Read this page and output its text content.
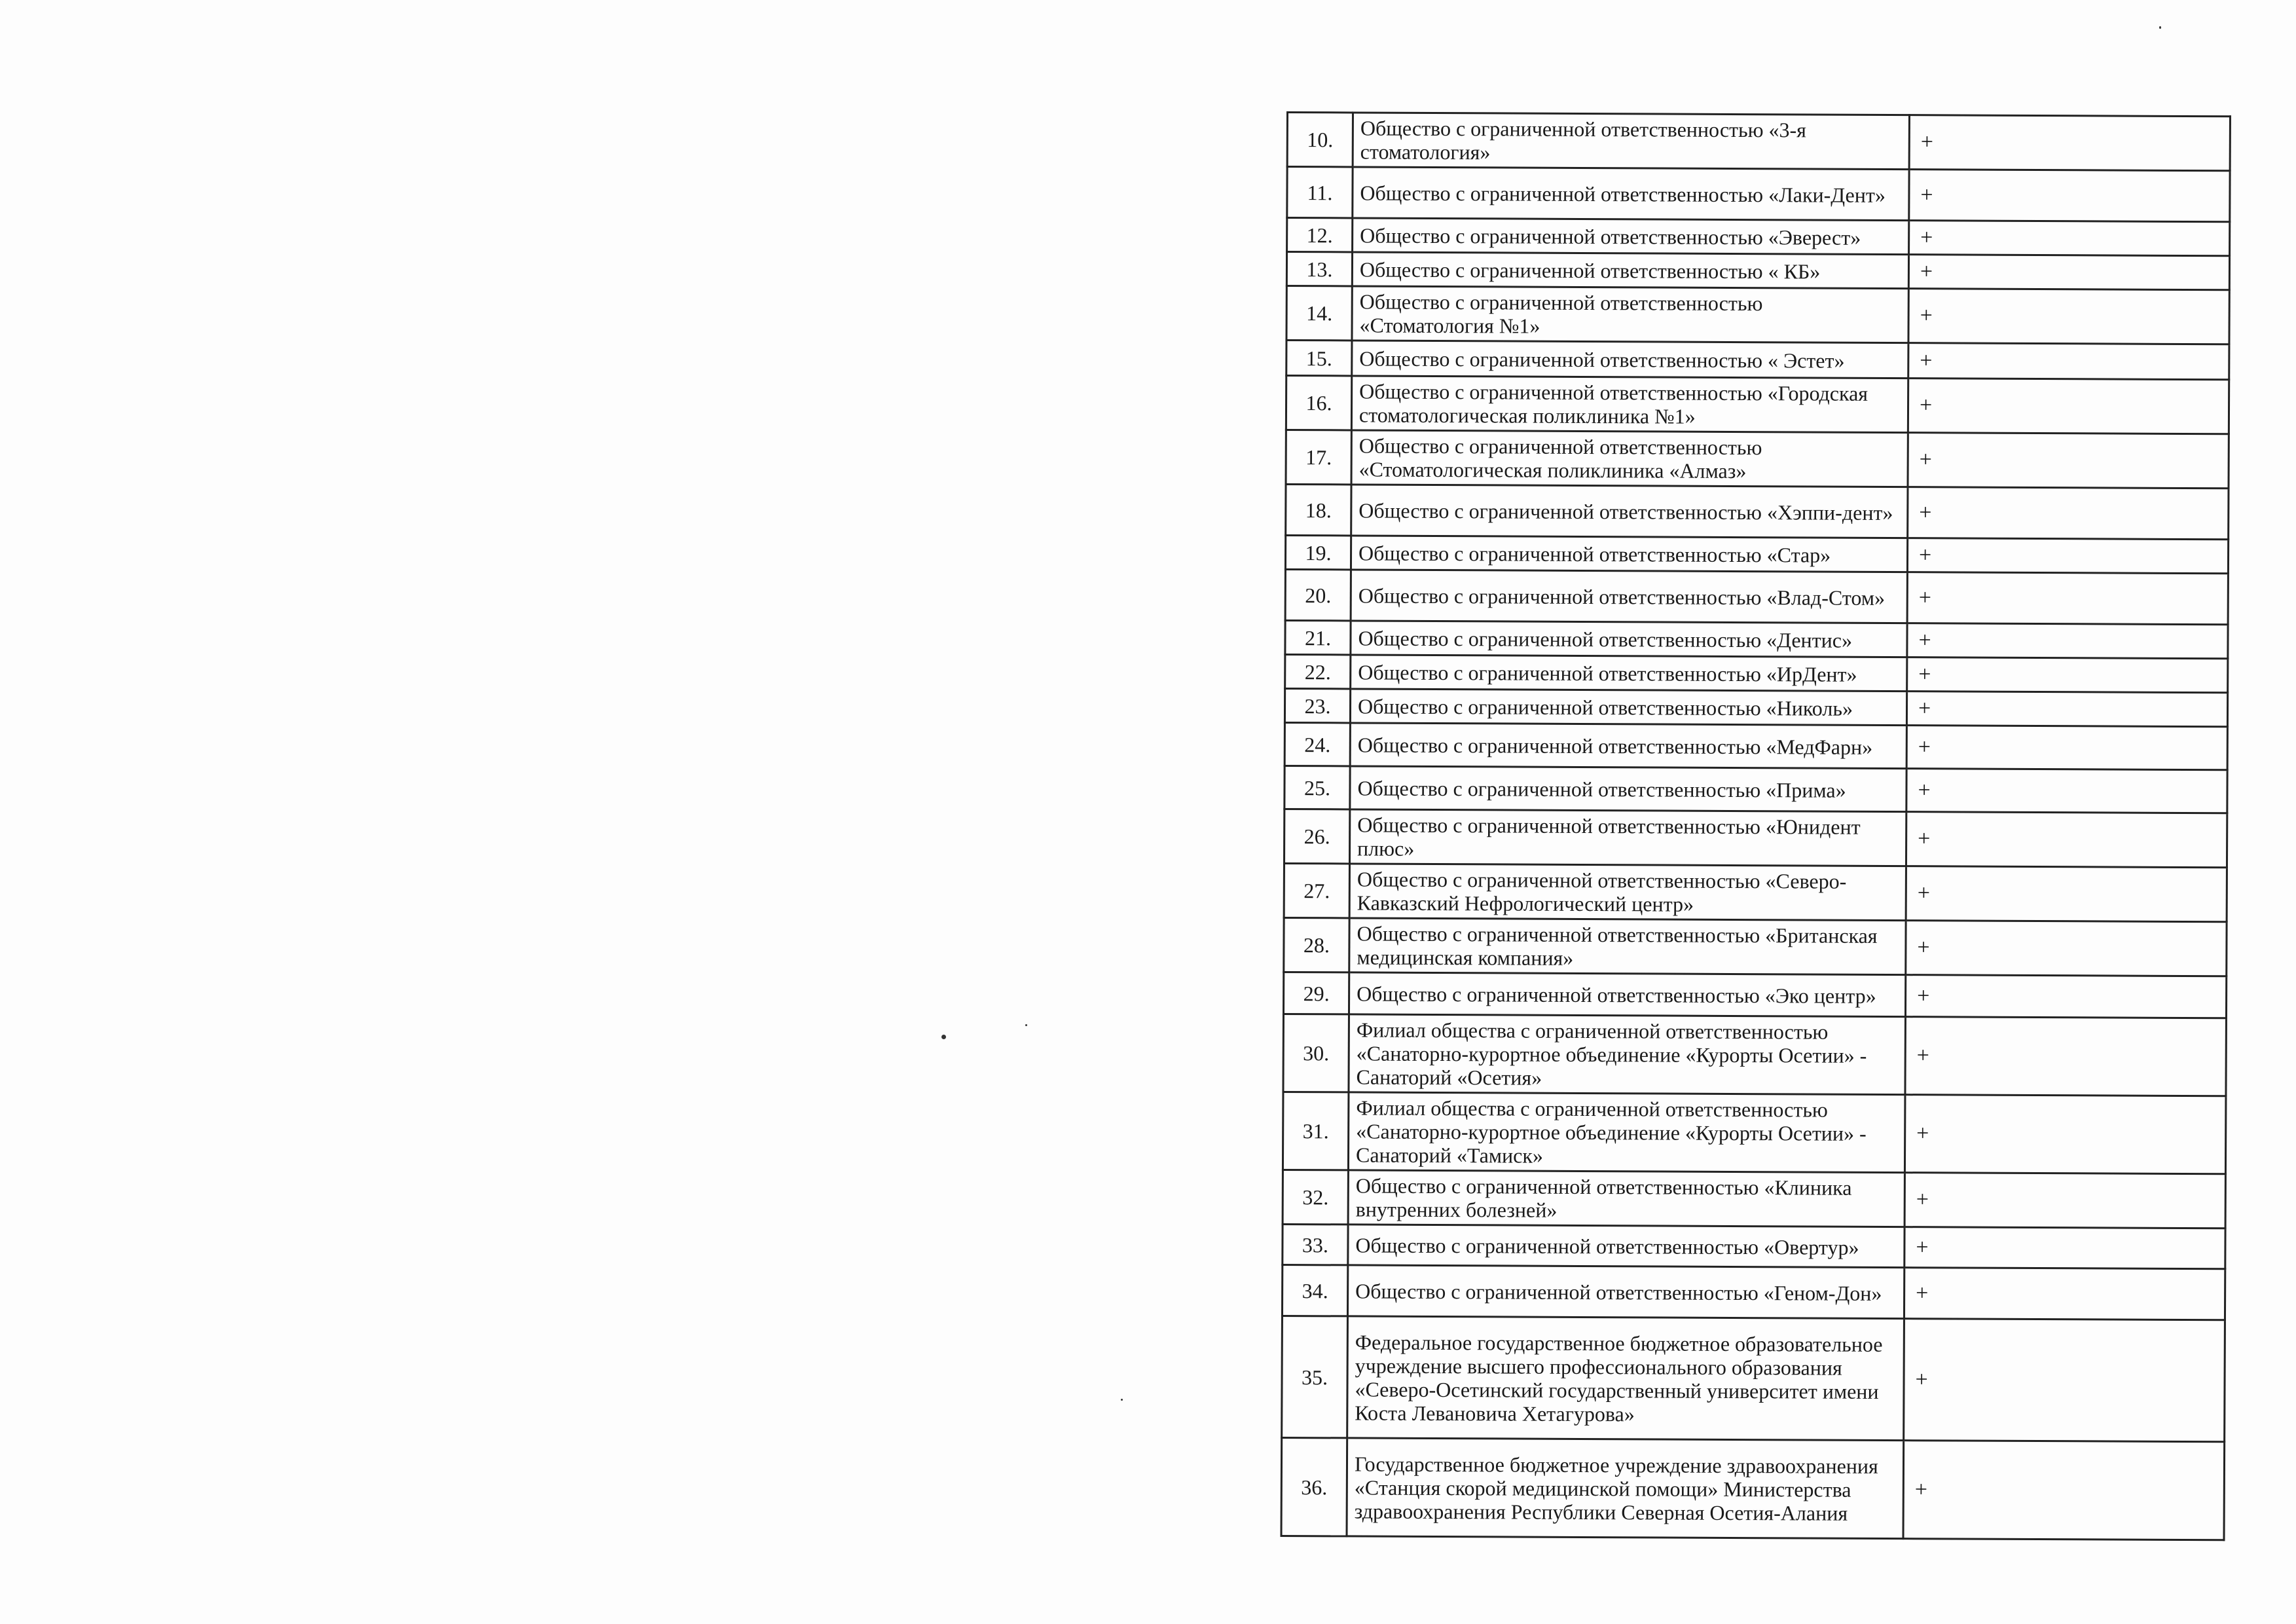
10.	Общество с ограниченной ответственностью «3-я стоматология»	+
11.	Общество с ограниченной ответственностью «Лаки-Дент»	+
12.	Общество с ограниченной ответственностью «Эверест»	+
13.	Общество с ограниченной ответственностью « КБ»	+
14.	Общество с ограниченной ответственностью «Стоматология №1»	+
15.	Общество с ограниченной ответственностью « Эстет»	+
16.	Общество с ограниченной ответственностью «Городская стоматологическая поликлиника №1»	+
17.	Общество с ограниченной ответственностью «Стоматологическая поликлиника «Алмаз»	+
18.	Общество с ограниченной ответственностью «Хэппи-дент»	+
19.	Общество с ограниченной ответственностью «Стар»	+
20.	Общество с ограниченной ответственностью «Влад-Стом»	+
21.	Общество с ограниченной ответственностью «Дентис»	+
22.	Общество с ограниченной ответственностью «ИрДент»	+
23.	Общество с ограниченной ответственностью «Николь»	+
24.	Общество с ограниченной ответственностью «МедФарн»	+
25.	Общество с ограниченной ответственностью «Прима»	+
26.	Общество с ограниченной ответственностью «Юнидент плюс»	+
27.	Общество с ограниченной ответственностью «Северо-Кавказский Нефрологический центр»	+
28.	Общество с ограниченной ответственностью «Британская медицинская компания»	+
29.	Общество с ограниченной ответственностью «Эко центр»	+
30.	Филиал общества с ограниченной ответственностью «Санаторно-курортное объединение «Курорты Осетии» - Санаторий «Осетия»	+
31.	Филиал общества с ограниченной ответственностью «Санаторно-курортное объединение «Курорты Осетии» - Санаторий «Тамиск»	+
32.	Общество с ограниченной ответственностью «Клиника внутренних болезней»	+
33.	Общество с ограниченной ответственностью «Овертур»	+
34.	Общество с ограниченной ответственностью «Геном-Дон»	+
35.	Федеральное государственное бюджетное образовательное учреждение высшего профессионального образования «Северо-Осетинский государственный университет имени Коста Левановича Хетагурова»	+
36.	Государственное бюджетное учреждение здравоохранения «Станция скорой медицинской помощи» Министерства здравоохранения Республики Северная Осетия-Алания	+
